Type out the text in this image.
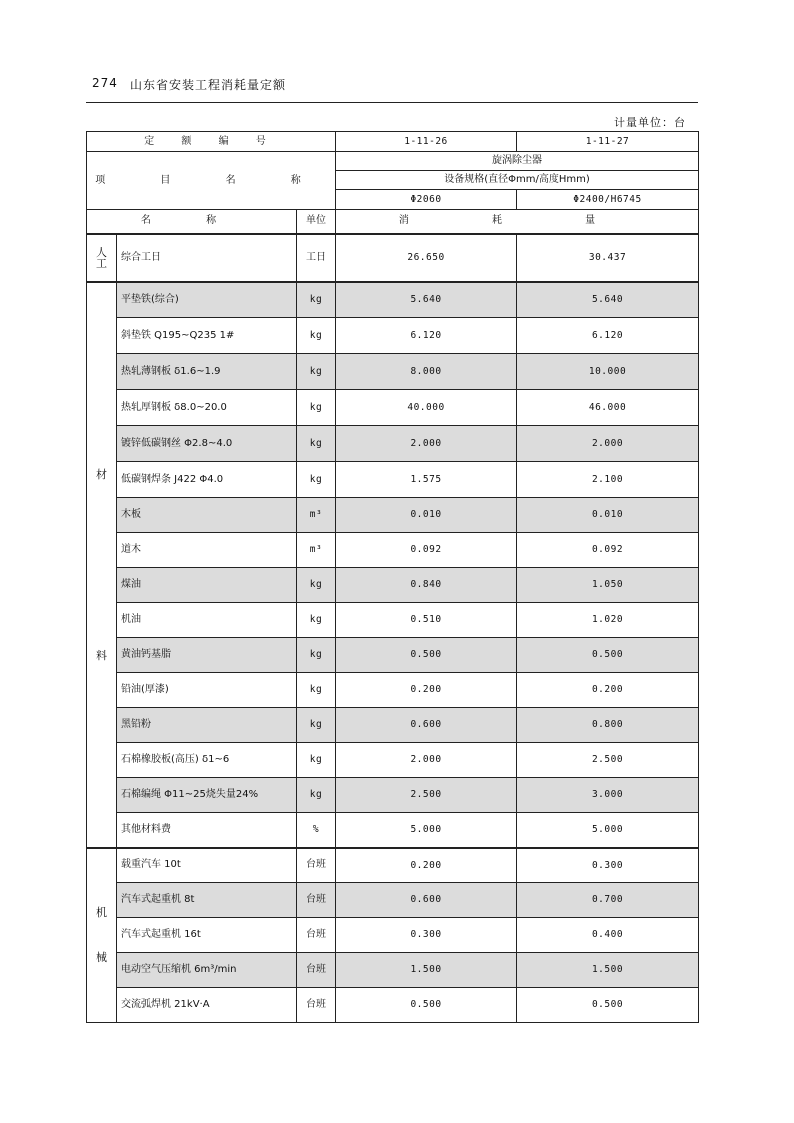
274 山东省安装工程消耗量定额
计量单位：台
定 额 编 号			1-11-26	1-11-27
项 目 名 称			旋涡除尘器	
			设备规格(直径Φmm/高度Hmm)	
			Φ2060	Φ2400/H6745
名 称		单位	消 耗 量	

人
工	综合工日	工日	26.650	30.437

材
料	平垫铁(综合)	kg	5.640	5.640
	斜垫铁 Q195~Q235 1#	kg	6.120	6.120
	热轧薄钢板 δ1.6~1.9	kg	8.000	10.000
	热轧厚钢板 δ8.0~20.0	kg	40.000	46.000
	镀锌低碳钢丝 Φ2.8~4.0	kg	2.000	2.000
	低碳钢焊条 J422 Φ4.0	kg	1.575	2.100
	木板	m³	0.010	0.010
	道木	m³	0.092	0.092
	煤油	kg	0.840	1.050
	机油	kg	0.510	1.020
	黄油钙基脂	kg	0.500	0.500
	铅油(厚漆)	kg	0.200	0.200
	黑铅粉	kg	0.600	0.800
	石棉橡胶板(高压) δ1~6	kg	2.000	2.500
	石棉编绳 Φ11~25烧失量24%	kg	2.500	3.000
	其他材料费	%	5.000	5.000

机
械	载重汽车 10t	台班	0.200	0.300
	汽车式起重机 8t	台班	0.600	0.700
	汽车式起重机 16t	台班	0.300	0.400
	电动空气压缩机 6m³/min	台班	1.500	1.500
	交流弧焊机 21kV·A	台班	0.500	0.500
